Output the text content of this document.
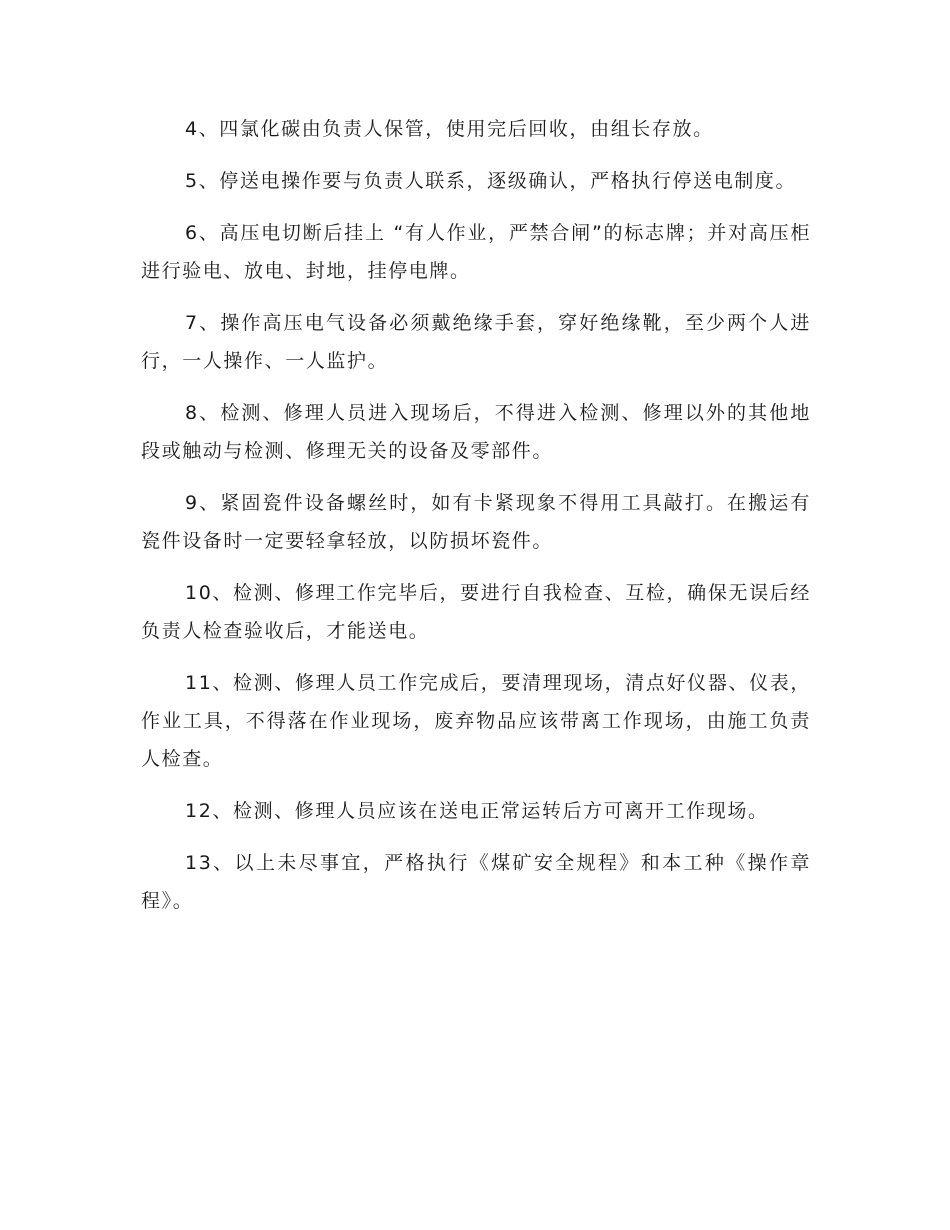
4、四氯化碳由负责人保管，使用完后回收，由组长存放。

5、停送电操作要与负责人联系，逐级确认，严格执行停送电制度。

6、高压电切断后挂上 “有人作业，严禁合闸”的标志牌；并对高压柜进行验电、放电、封地，挂停电牌。

7、操作高压电气设备必须戴绝缘手套，穿好绝缘靴，至少两个人进行，一人操作、一人监护。

8、检测、修理人员进入现场后，不得进入检测、修理以外的其他地段或触动与检测、修理无关的设备及零部件。

9、紧固瓷件设备螺丝时，如有卡紧现象不得用工具敲打。在搬运有瓷件设备时一定要轻拿轻放，以防损坏瓷件。

10、检测、修理工作完毕后，要进行自我检查、互检，确保无误后经负责人检查验收后，才能送电。

11、检测、修理人员工作完成后，要清理现场，清点好仪器、仪表，作业工具，不得落在作业现场，废弃物品应该带离工作现场，由施工负责人检查。

12、检测、修理人员应该在送电正常运转后方可离开工作现场。

13、以上未尽事宜，严格执行《煤矿安全规程》和本工种《操作章程》。
